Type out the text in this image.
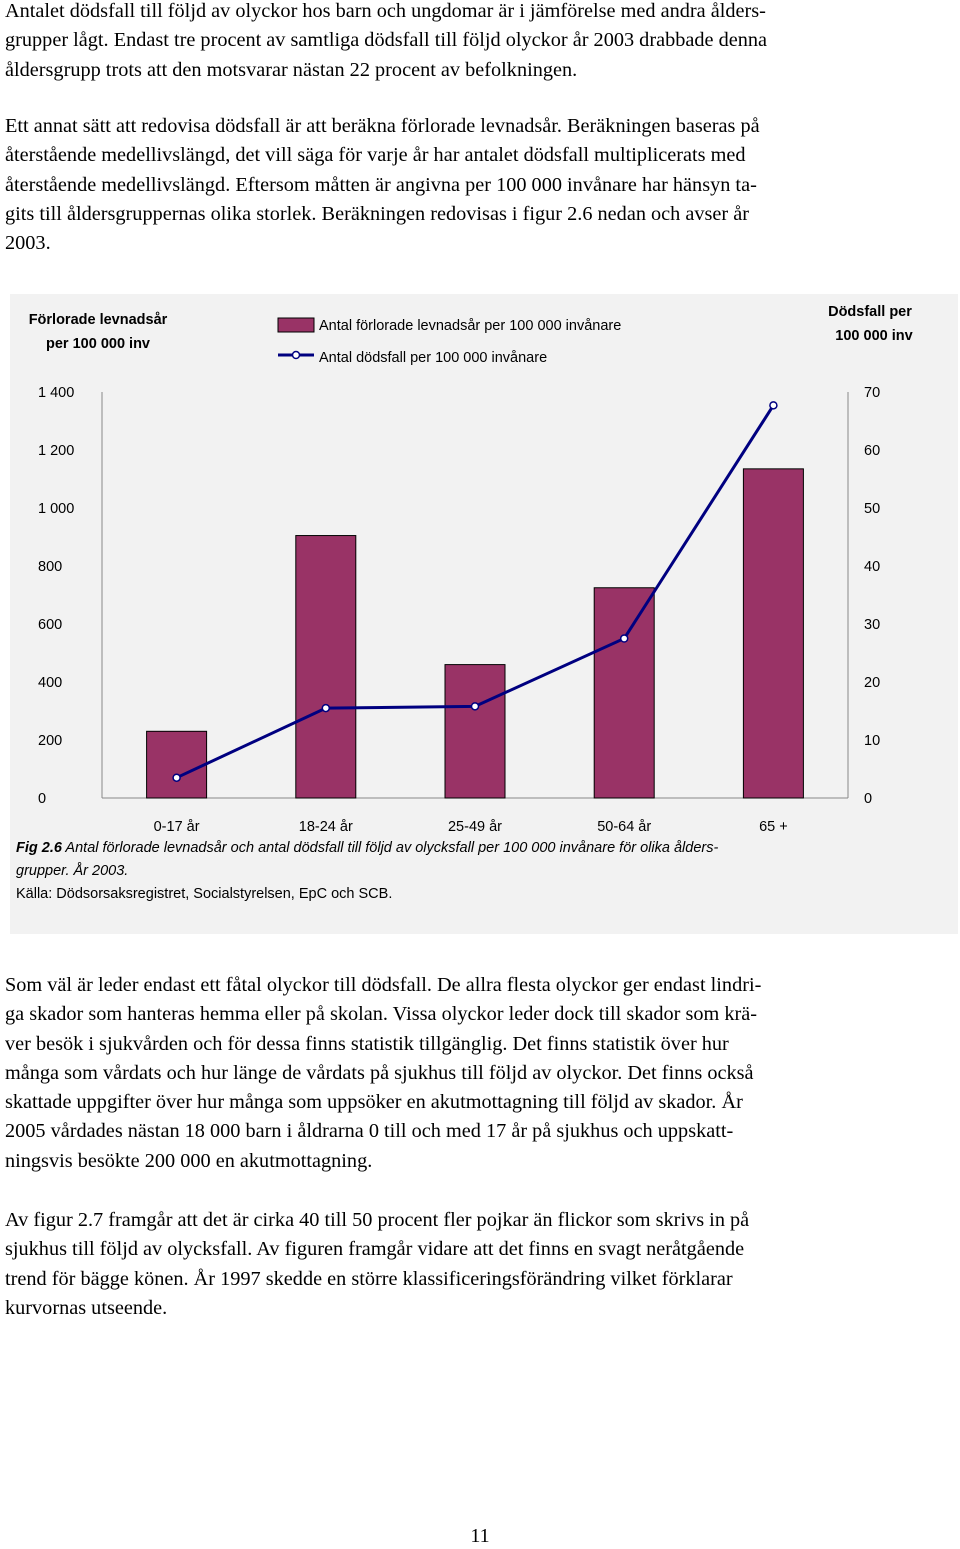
Antalet dödsfall till följd av olyckor hos barn och ungdomar är i jämförelse med andra ålders-
grupper lågt. Endast tre procent av samtliga dödsfall till följd olyckor år 2003 drabbade denna
åldersgrupp trots att den motsvarar nästan 22 procent av befolkningen.
Ett annat sätt att redovisa dödsfall är att beräkna förlorade levnadsår. Beräkningen baseras på
återstående medellivslängd, det vill säga för varje år har antalet dödsfall multiplicerats med
återstående medellivslängd. Eftersom måtten är angivna per 100 000 invånare har hänsyn ta-
gits till åldersgruppernas olika storlek. Beräkningen redovisas i figur 2.6 nedan och avser år
2003.
0
200
400
600
800
1 000
1 200
1 400
0
10
20
30
40
50
60
70
Förlorade levnadsår
per 100 000 inv
Dödsfall per
100 000 inv
0-17 år	18-24 år	25-49 år	50-64 år	65 +
Antal förlorade levnadsår per 100 000 invånare
Antal dödsfall per 100 000 invånare
Fig 2.6 Antal förlorade levnadsår och antal dödsfall till följd av olycksfall per 100 000 invånare för olika ålders-
grupper. År 2003.
Källa: Dödsorsaksregistret, Socialstyrelsen, EpC och SCB.
Som väl är leder endast ett fåtal olyckor till dödsfall. De allra flesta olyckor ger endast lindri-
ga skador som hanteras hemma eller på skolan. Vissa olyckor leder dock till skador som krä-
ver besök i sjukvården och för dessa finns statistik tillgänglig. Det finns statistik över hur
många som vårdats och hur länge de vårdats på sjukhus till följd av olyckor. Det finns också
skattade uppgifter över hur många som uppsöker en akutmottagning till följd av skador. År
2005 vårdades nästan 18 000 barn i åldrarna 0 till och med 17 år på sjukhus och uppskatt-
ningsvis besökte 200 000 en akutmottagning.
Av figur 2.7 framgår att det är cirka 40 till 50 procent fler pojkar än flickor som skrivs in på
sjukhus till följd av olycksfall. Av figuren framgår vidare att det finns en svagt neråtgående
trend för bägge könen. År 1997 skedde en större klassificeringsförändring vilket förklarar
kurvornas utseende.
11
